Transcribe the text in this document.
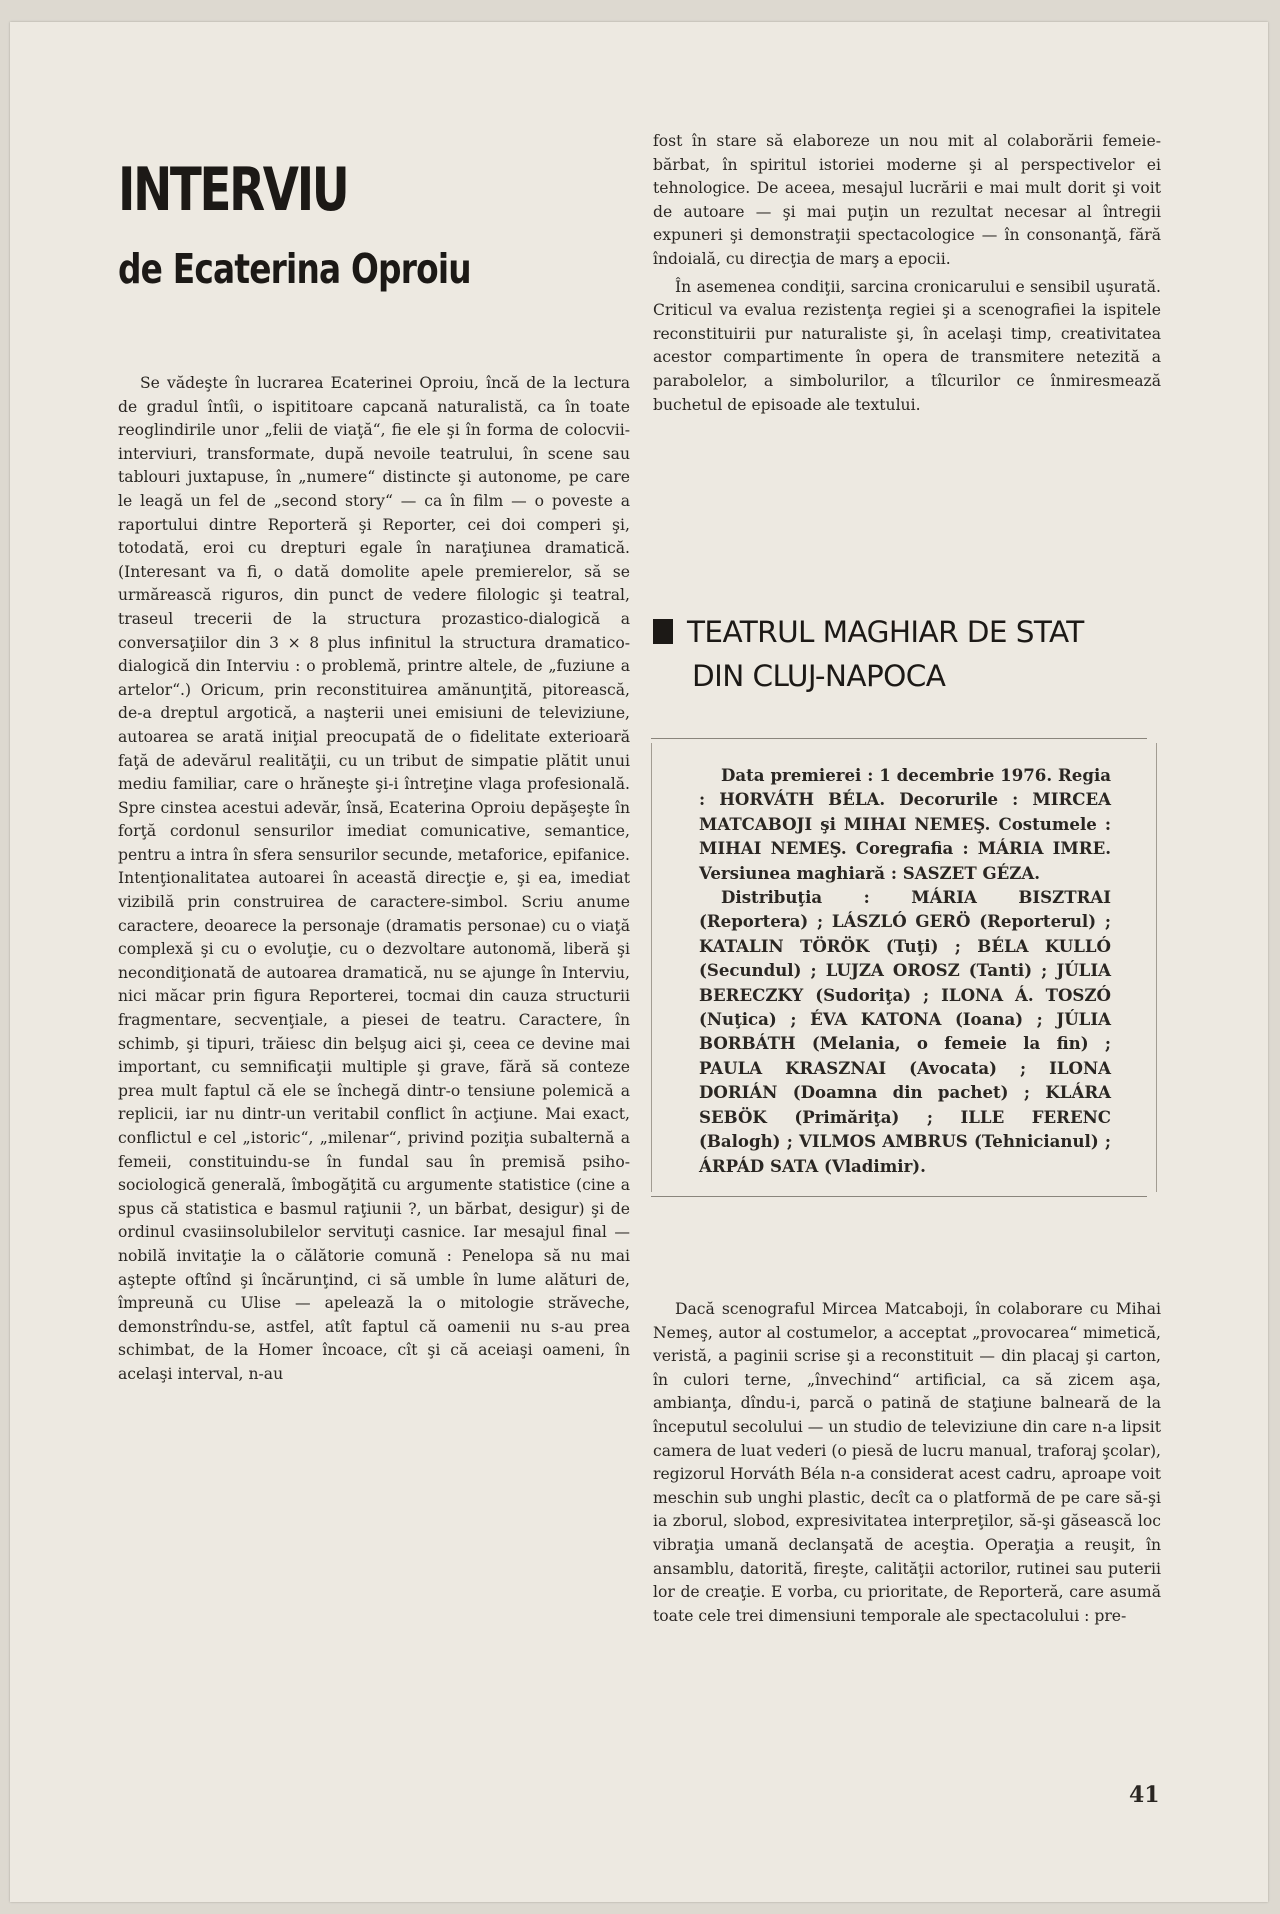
INTERVIU
de Ecaterina Oproiu

Se vădeşte în lucrarea Ecaterinei Oproiu, încă de la lectura de gradul întîi, o ispititoare capcană naturalistă, ca în toate reoglindirile unor „felii de viaţă“, fie ele şi în forma de colocvii-interviuri, transformate, după nevoile teatrului, în scene sau tablouri juxtapuse, în „numere“ distincte şi autonome, pe care le leagă un fel de „second story“ — ca în film — o poveste a raportului dintre Reporteră şi Reporter, cei doi comperi şi, totodată, eroi cu drepturi egale în naraţiunea dramatică. (Interesant va fi, o dată domolite apele premierelor, să se urmărească riguros, din punct de vedere filologic şi teatral, traseul trecerii de la structura prozastico-dialogică a conversaţiilor din 3 × 8 plus infinitul la structura dramatico-dialogică din Interviu : o problemă, printre altele, de „fuziune a artelor“.) Oricum, prin reconstituirea amănunţită, pitorească, de-a dreptul argotică, a naşterii unei emisiuni de televiziune, autoarea se arată iniţial preocupată de o fidelitate exterioară faţă de adevărul realităţii, cu un tribut de simpatie plătit unui mediu familiar, care o hrăneşte şi-i întreţine vlaga profesională. Spre cinstea acestui adevăr, însă, Ecaterina Oproiu depăşeşte în forţă cordonul sensurilor imediat comunicative, semantice, pentru a intra în sfera sensurilor secunde, metaforice, epifanice. Intenţionalitatea autoarei în această direcţie e, şi ea, imediat vizibilă prin construirea de caractere-simbol. Scriu anume caractere, deoarece la personaje (dramatis personae) cu o viaţă complexă şi cu o evoluţie, cu o dezvoltare autonomă, liberă şi necondiţionată de autoarea dramatică, nu se ajunge în Interviu, nici măcar prin figura Reporterei, tocmai din cauza structurii fragmentare, secvenţiale, a piesei de teatru. Caractere, în schimb, şi tipuri, trăiesc din belşug aici şi, ceea ce devine mai important, cu semnificaţii multiple şi grave, fără să conteze prea mult faptul că ele se închegă dintr-o tensiune polemică a replicii, iar nu dintr-un veritabil conflict în acţiune. Mai exact, conflictul e cel „istoric“, „milenar“, privind poziţia subalternă a femeii, constituindu-se în fundal sau în premisă psiho-sociologică generală, îmbogăţită cu argumente statistice (cine a spus că statistica e basmul raţiunii ?, un bărbat, desigur) şi de ordinul cvasiinsolubilelor servituţi casnice. Iar mesajul final — nobilă invitaţie la o călătorie comună : Penelopa să nu mai aştepte oftînd şi încărunţind, ci să umble în lume alături de, împreună cu Ulise — apelează la o mitologie străveche, demonstrîndu-se, astfel, atît faptul că oamenii nu s-au prea schimbat, de la Homer încoace, cît şi că aceiaşi oameni, în acelaşi interval, n-au

fost în stare să elaboreze un nou mit al colaborării femeie-bărbat, în spiritul istoriei moderne şi al perspectivelor ei tehnologice. De aceea, mesajul lucrării e mai mult dorit şi voit de autoare — şi mai puţin un rezultat necesar al întregii expuneri şi demonstraţii spectacologice — în consonanţă, fără îndoială, cu direcţia de marş a epocii.

În asemenea condiţii, sarcina cronicarului e sensibil uşurată. Criticul va evalua rezistenţa regiei şi a scenografiei la ispitele reconstituirii pur naturaliste şi, în acelaşi timp, creativitatea acestor compartimente în opera de transmitere netezită a parabolelor, a simbolurilor, a tîlcurilor ce înmiresmează buchetul de episoade ale textului.

TEATRUL MAGHIAR DE STAT
DIN CLUJ-NAPOCA

Data premierei : 1 decembrie 1976. Regia : HORVÁTH BÉLA. Decorurile : MIRCEA MATCABOJI şi MIHAI NEMEŞ. Costumele : MIHAI NEMEŞ. Coregrafia : MÁRIA IMRE. Versiunea maghiară : SASZET GÉZA.
Distribuţia : MÁRIA BISZTRAI (Reportera) ; LÁSZLÓ GERÖ (Reporterul) ; KATALIN TÖRÖK (Tuţi) ; BÉLA KULLÓ (Secundul) ; LUJZA OROSZ (Tanti) ; JÚLIA BERECZKY (Sudoriţa) ; ILONA Á. TOSZÓ (Nuţica) ; ÉVA KATONA (Ioana) ; JÚLIA BORBÁTH (Melania, o femeie la fin) ; PAULA KRASZNAI (Avocata) ; ILONA DORIÁN (Doamna din pachet) ; KLÁRA SEBÖK (Primăriţa) ; ILLE FERENC (Balogh) ; VILMOS AMBRUS (Tehnicianul) ; ÁRPÁD SATA (Vladimir).

Dacă scenograful Mircea Matcaboji, în colaborare cu Mihai Nemeş, autor al costumelor, a acceptat „provocarea“ mimetică, veristă, a paginii scrise şi a reconstituit — din placaj şi carton, în culori terne, „învechind“ artificial, ca să zicem aşa, ambianţa, dîndu-i, parcă o patină de staţiune balneară de la începutul secolului — un studio de televiziune din care n-a lipsit camera de luat vederi (o piesă de lucru manual, traforaj şcolar), regizorul Horváth Béla n-a considerat acest cadru, aproape voit meschin sub unghi plastic, decît ca o platformă de pe care să-şi ia zborul, slobod, expresivitatea interpreţilor, să-şi găsească loc vibraţia umană declanşată de aceştia. Operaţia a reuşit, în ansamblu, datorită, fireşte, calităţii actorilor, rutinei sau puterii lor de creaţie. E vorba, cu prioritate, de Reporteră, care asumă toate cele trei dimensiuni temporale ale spectacolului : pre-

41
